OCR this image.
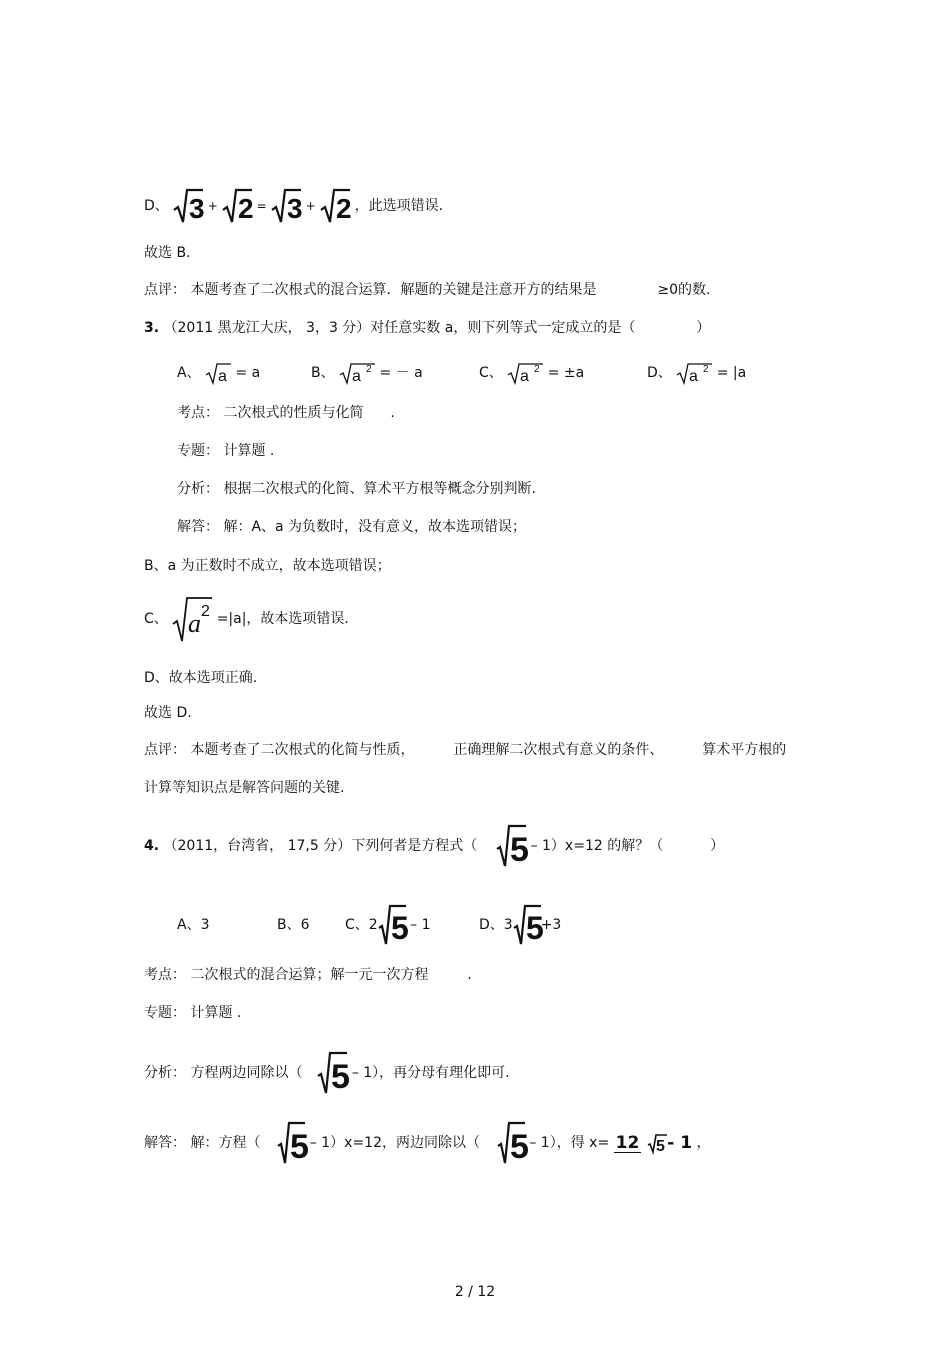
D、 3 + 2 = 3 + 2 ，此选项错误.
故选 B.
点评： 本题考查了二次根式的混合运算．解题的关键是注意开方的结果是	≥0的数.
3. （2011 黑龙江大庆， 3，3 分）对任意实数 a，则下列等式一定成立的是（	）
A、 a = a	B、 a 2 = － a	C、 a 2 = ±a	D、 a 2 = |a
考点： 二次根式的性质与化简 .
专题： 计算题 .
分析： 根据二次根式的化简、算术平方根等概念分别判断.
解答： 解：A、a 为负数时，没有意义，故本选项错误；
B、a 为正数时不成立，故本选项错误；
C、 a 2 =|a|，故本选项错误.
D、故本选项正确.
故选 D.
点评： 本题考查了二次根式的化简与性质，	正确理解二次根式有意义的条件、	算术平方根的
计算等知识点是解答问题的关键.
4. （2011，台湾省， 17,5 分）下列何者是方程式（ 5 – 1）x=12 的解？（	）
A、3	B、6	C、2 5 – 1	D、3 5
+3
考点： 二次根式的混合运算；解一元一次方程	.
专题： 计算题 .
分析： 方程两边同除以（ 5 – 1），再分母有理化即可.
解答： 解：方程（ 5 – 1）x=12，两边同除以（ 5 – 1），得 x= 12 5 - 1 ，
2 / 12
